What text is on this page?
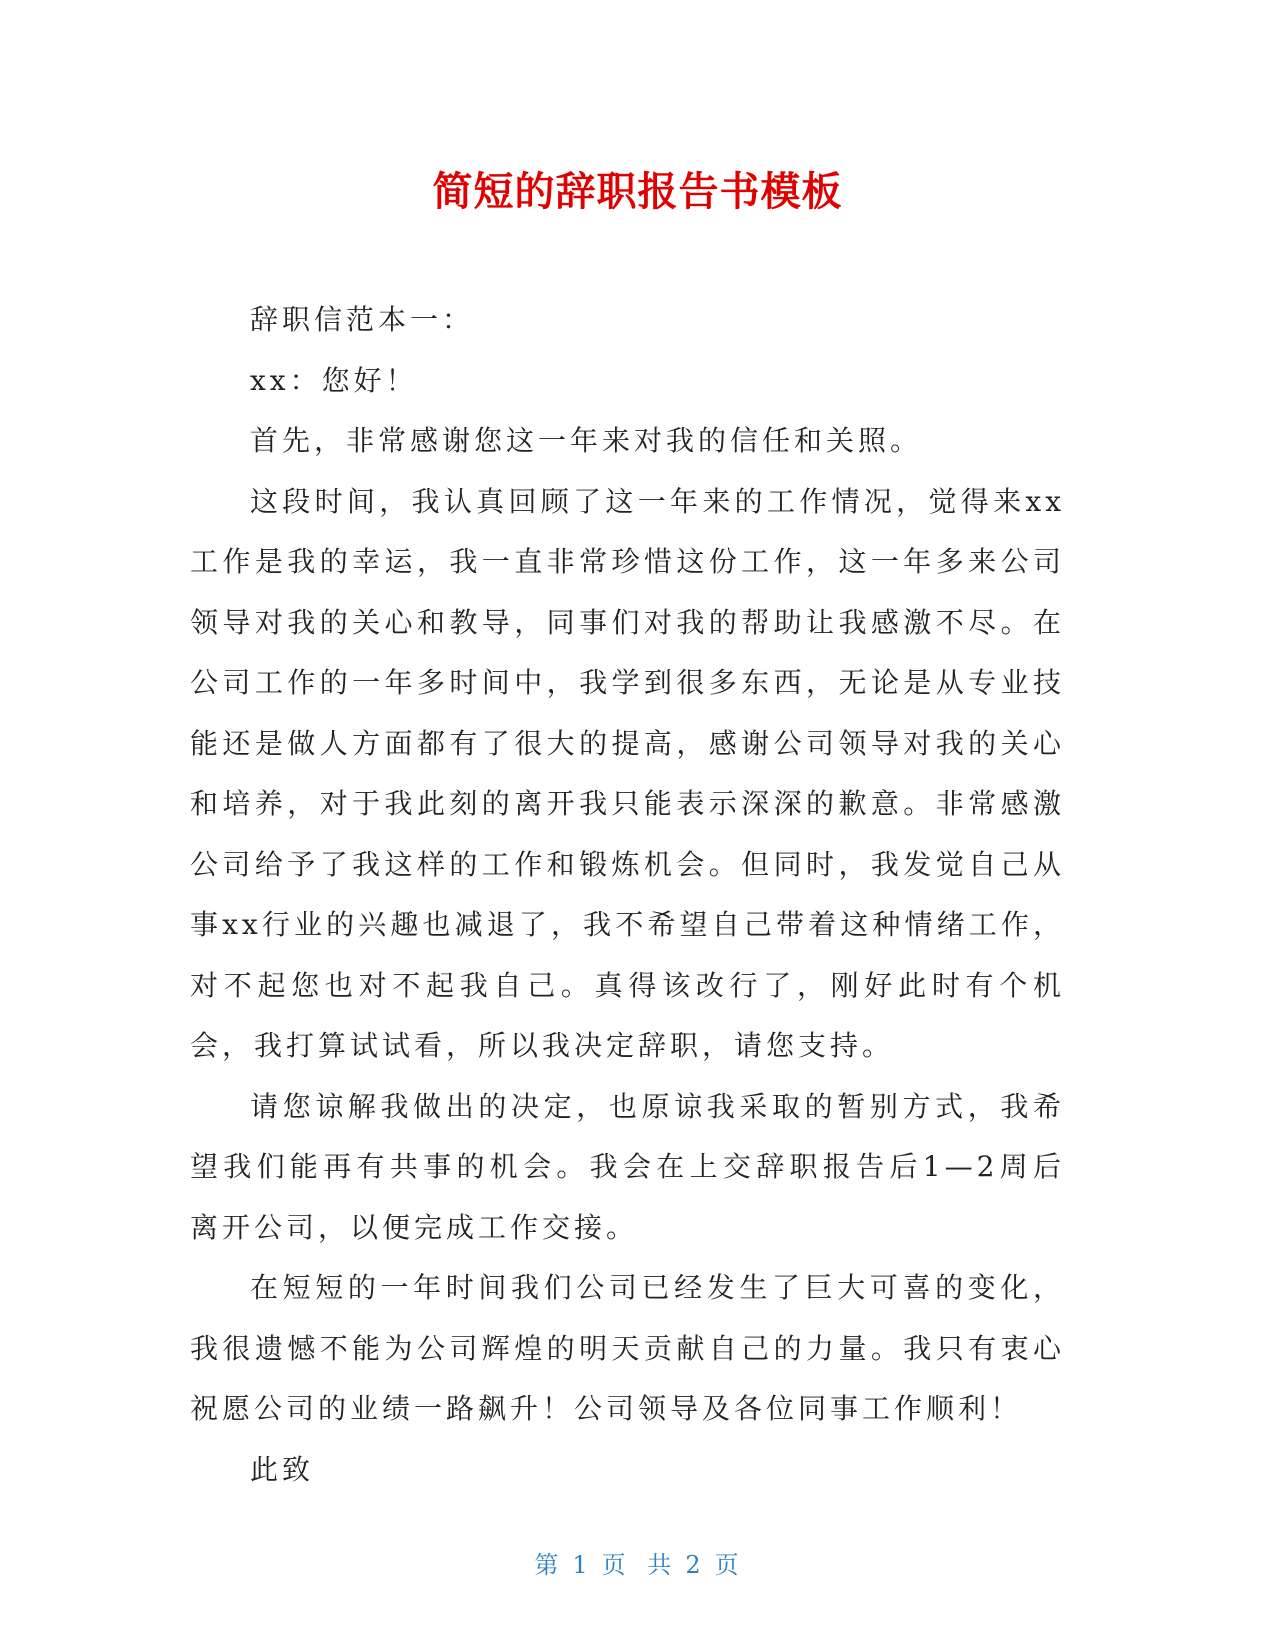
简短的辞职报告书模板

辞职信范本一：

xx：您好！

首先，非常感谢您这一年来对我的信任和关照。

这段时间，我认真回顾了这一年来的工作情况，觉得来xx工作是我的幸运，我一直非常珍惜这份工作，这一年多来公司领导对我的关心和教导，同事们对我的帮助让我感激不尽。在公司工作的一年多时间中，我学到很多东西，无论是从专业技能还是做人方面都有了很大的提高，感谢公司领导对我的关心和培养，对于我此刻的离开我只能表示深深的歉意。非常感激公司给予了我这样的工作和锻炼机会。但同时，我发觉自己从事xx行业的兴趣也减退了，我不希望自己带着这种情绪工作，对不起您也对不起我自己。真得该改行了，刚好此时有个机会，我打算试试看，所以我决定辞职，请您支持。

请您谅解我做出的决定，也原谅我采取的暂别方式，我希望我们能再有共事的机会。我会在上交辞职报告后1—2周后离开公司，以便完成工作交接。

在短短的一年时间我们公司已经发生了巨大可喜的变化，我很遗憾不能为公司辉煌的明天贡献自己的力量。我只有衷心祝愿公司的业绩一路飙升！公司领导及各位同事工作顺利！

此致

第 1 页 共 2 页
